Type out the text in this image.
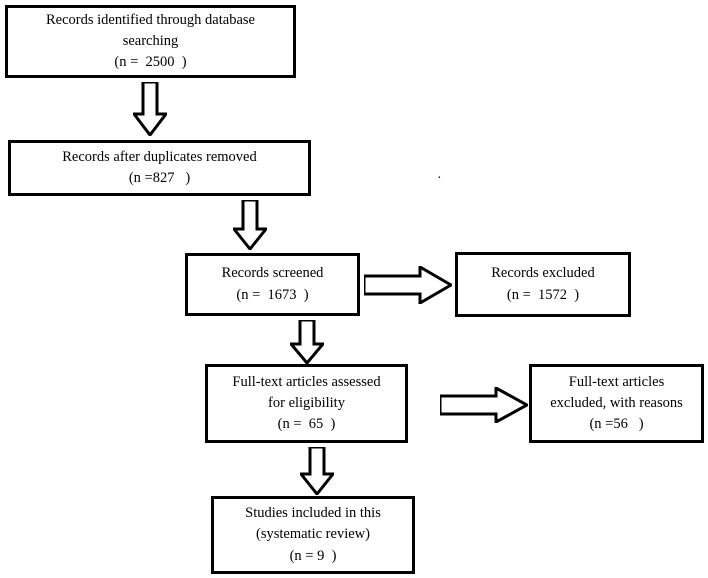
Records identified through database
searching
(n =  2500  )
Records after duplicates removed
(n =827   )
Records screened
(n =  1673  )
Records excluded
(n =  1572  )
Full-text articles assessed
for eligibility
(n =  65  )
Full-text articles
excluded, with reasons
(n =56   )
Studies included in this
(systematic review)
(n = 9  )
·
